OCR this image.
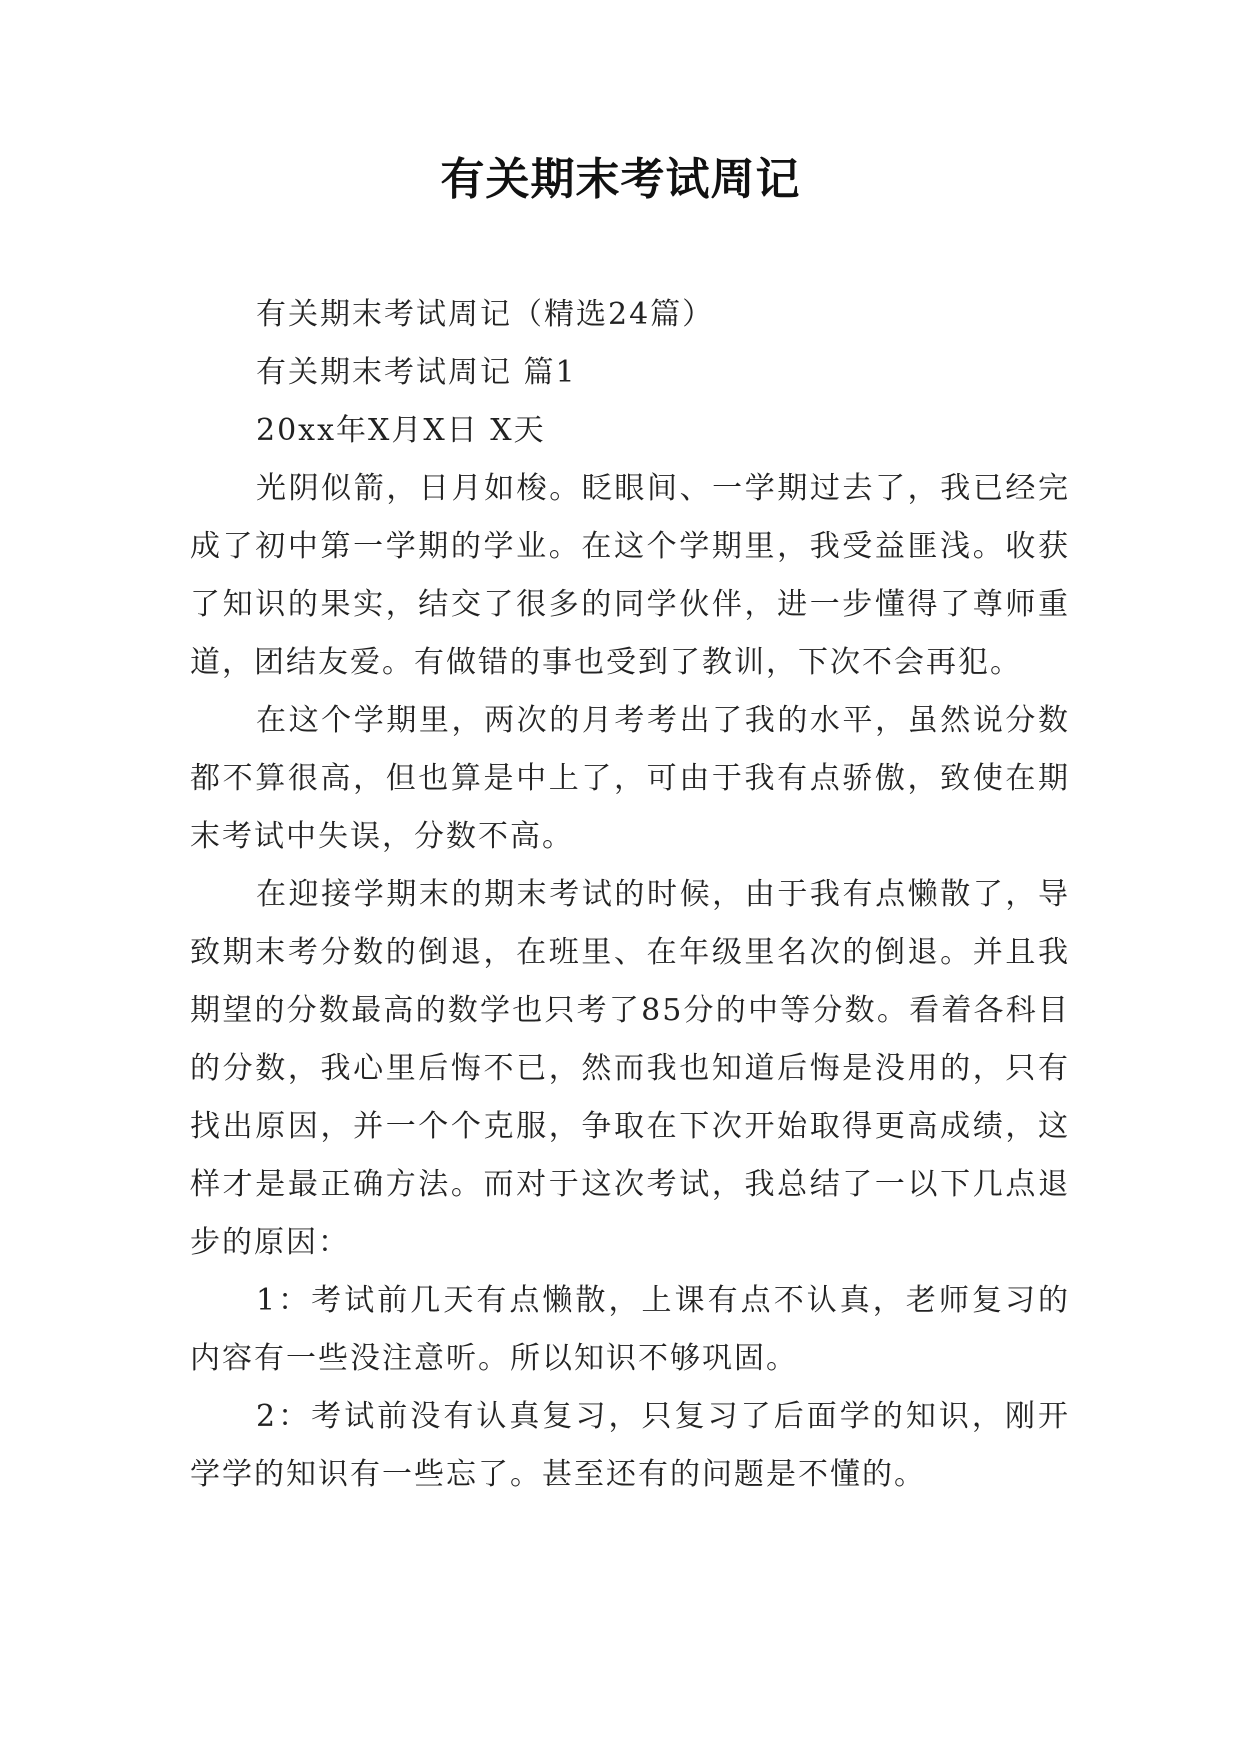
有关期末考试周记

有关期末考试周记（精选24篇）

有关期末考试周记 篇1

20xx年X月X日 X天

光阴似箭，日月如梭。眨眼间、一学期过去了，我已经完成了初中第一学期的学业。在这个学期里，我受益匪浅。收获了知识的果实，结交了很多的同学伙伴，进一步懂得了尊师重道，团结友爱。有做错的事也受到了教训，下次不会再犯。

在这个学期里，两次的月考考出了我的水平，虽然说分数都不算很高，但也算是中上了，可由于我有点骄傲，致使在期末考试中失误，分数不高。

在迎接学期末的期末考试的时候，由于我有点懒散了，导致期末考分数的倒退，在班里、在年级里名次的倒退。并且我期望的分数最高的数学也只考了85分的中等分数。看着各科目的分数，我心里后悔不已，然而我也知道后悔是没用的，只有找出原因，并一个个克服，争取在下次开始取得更高成绩，这样才是最正确方法。而对于这次考试，我总结了一以下几点退步的原因：

1：考试前几天有点懒散，上课有点不认真，老师复习的内容有一些没注意听。所以知识不够巩固。

2：考试前没有认真复习，只复习了后面学的知识，刚开学学的知识有一些忘了。甚至还有的问题是不懂的。
